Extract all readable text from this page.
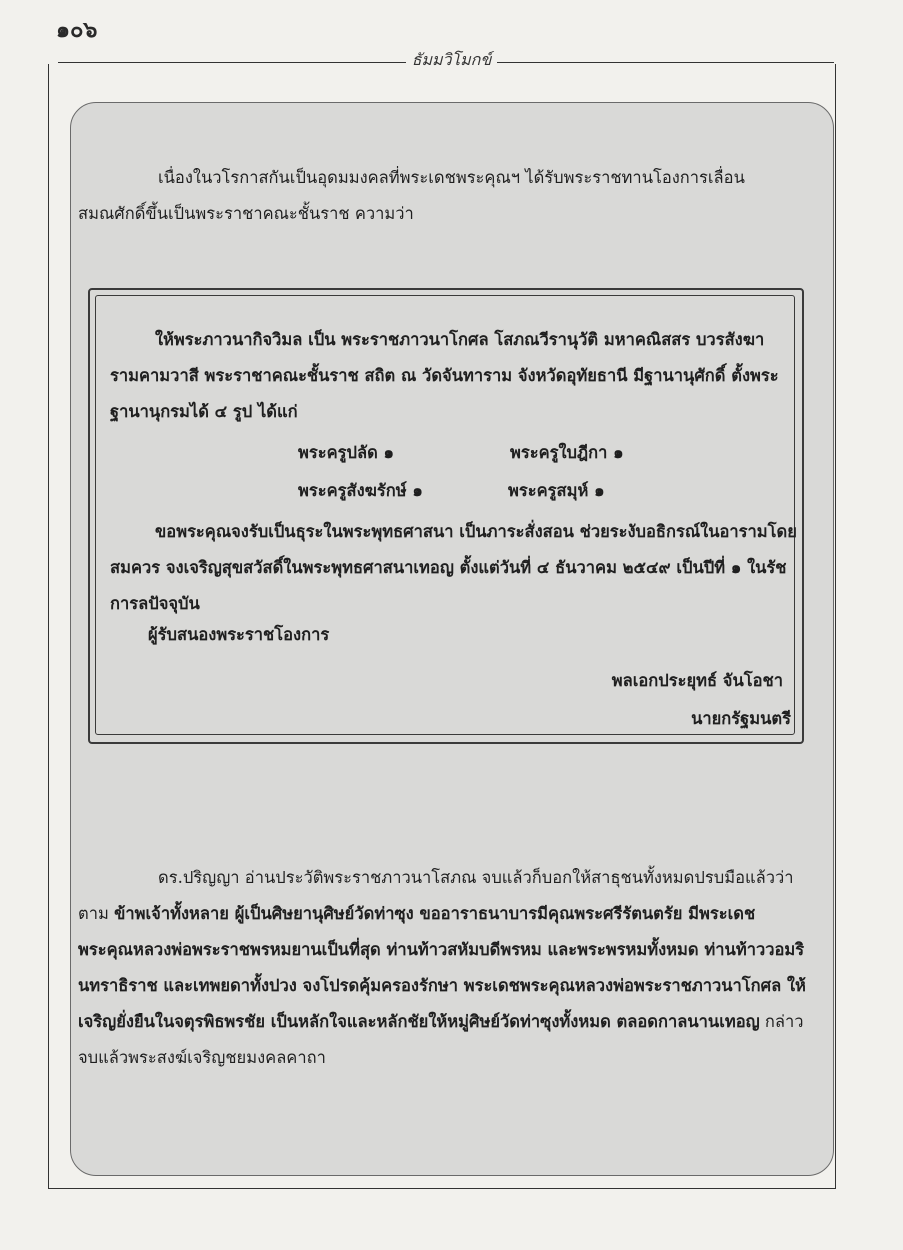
๑๐๖
ธัมมวิโมกข์

เนื่องในวโรกาสกันเป็นอุดมมงคลที่พระเดชพระคุณฯ ได้รับพระราชทานโองการเลื่อนสมณศักดิ์ขึ้นเป็นพระราชาคณะชั้นราช ความว่า

ให้พระภาวนากิจวิมล เป็น พระราชภาวนาโกศล โสภณวีรานุวัติ มหาคณิสสร บวรสังฆารามคามวาสี พระราชาคณะชั้นราช สถิต ณ วัดจันทาราม จังหวัดอุทัยธานี มีฐานานุศักดิ์ ตั้งพระฐานานุกรมได้ ๔ รูป ได้แก่

พระครูปลัด ๑	พระครูใบฎีกา ๑

พระครูสังฆรักษ์ ๑	พระครูสมุห์ ๑

ขอพระคุณจงรับเป็นธุระในพระพุทธศาสนา เป็นภาระสั่งสอน ช่วยระงับอธิกรณ์ในอารามโดยสมควร จงเจริญสุขสวัสดิ์ในพระพุทธศาสนาเทอญ ตั้งแต่วันที่ ๔ ธันวาคม ๒๕๔๙ เป็นปีที่ ๑ ในรัชการลปัจจุบัน

ผู้รับสนองพระราชโองการ

พลเอกประยุทธ์ จันโอชา

นายกรัฐมนตรี

ดร.ปริญญา อ่านประวัติพระราชภาวนาโสภณ จบแล้วก็บอกให้สาธุชนทั้งหมดปรบมือแล้วว่าตาม ข้าพเจ้าทั้งหลาย ผู้เป็นศิษยานุศิษย์วัดท่าซุง ขออาราธนาบารมีคุณพระศรีรัตนตรัย มีพระเดชพระคุณหลวงพ่อพระราชพรหมยานเป็นที่สุด ท่านท้าวสหัมบดีพรหม และพระพรหมทั้งหมด ท่านท้าววอมรินทราธิราช และเทพยดาทั้งปวง จงโปรดคุ้มครองรักษา พระเดชพระคุณหลวงพ่อพระราชภาวนาโกศล ให้เจริญยั่งยืนในจตุรพิธพรชัย เป็นหลักใจและหลักชัยให้หมู่ศิษย์วัดท่าซุงทั้งหมด ตลอดกาลนานเทอญ กล่าวจบแล้วพระสงฆ์เจริญชยมงคลคาถา
